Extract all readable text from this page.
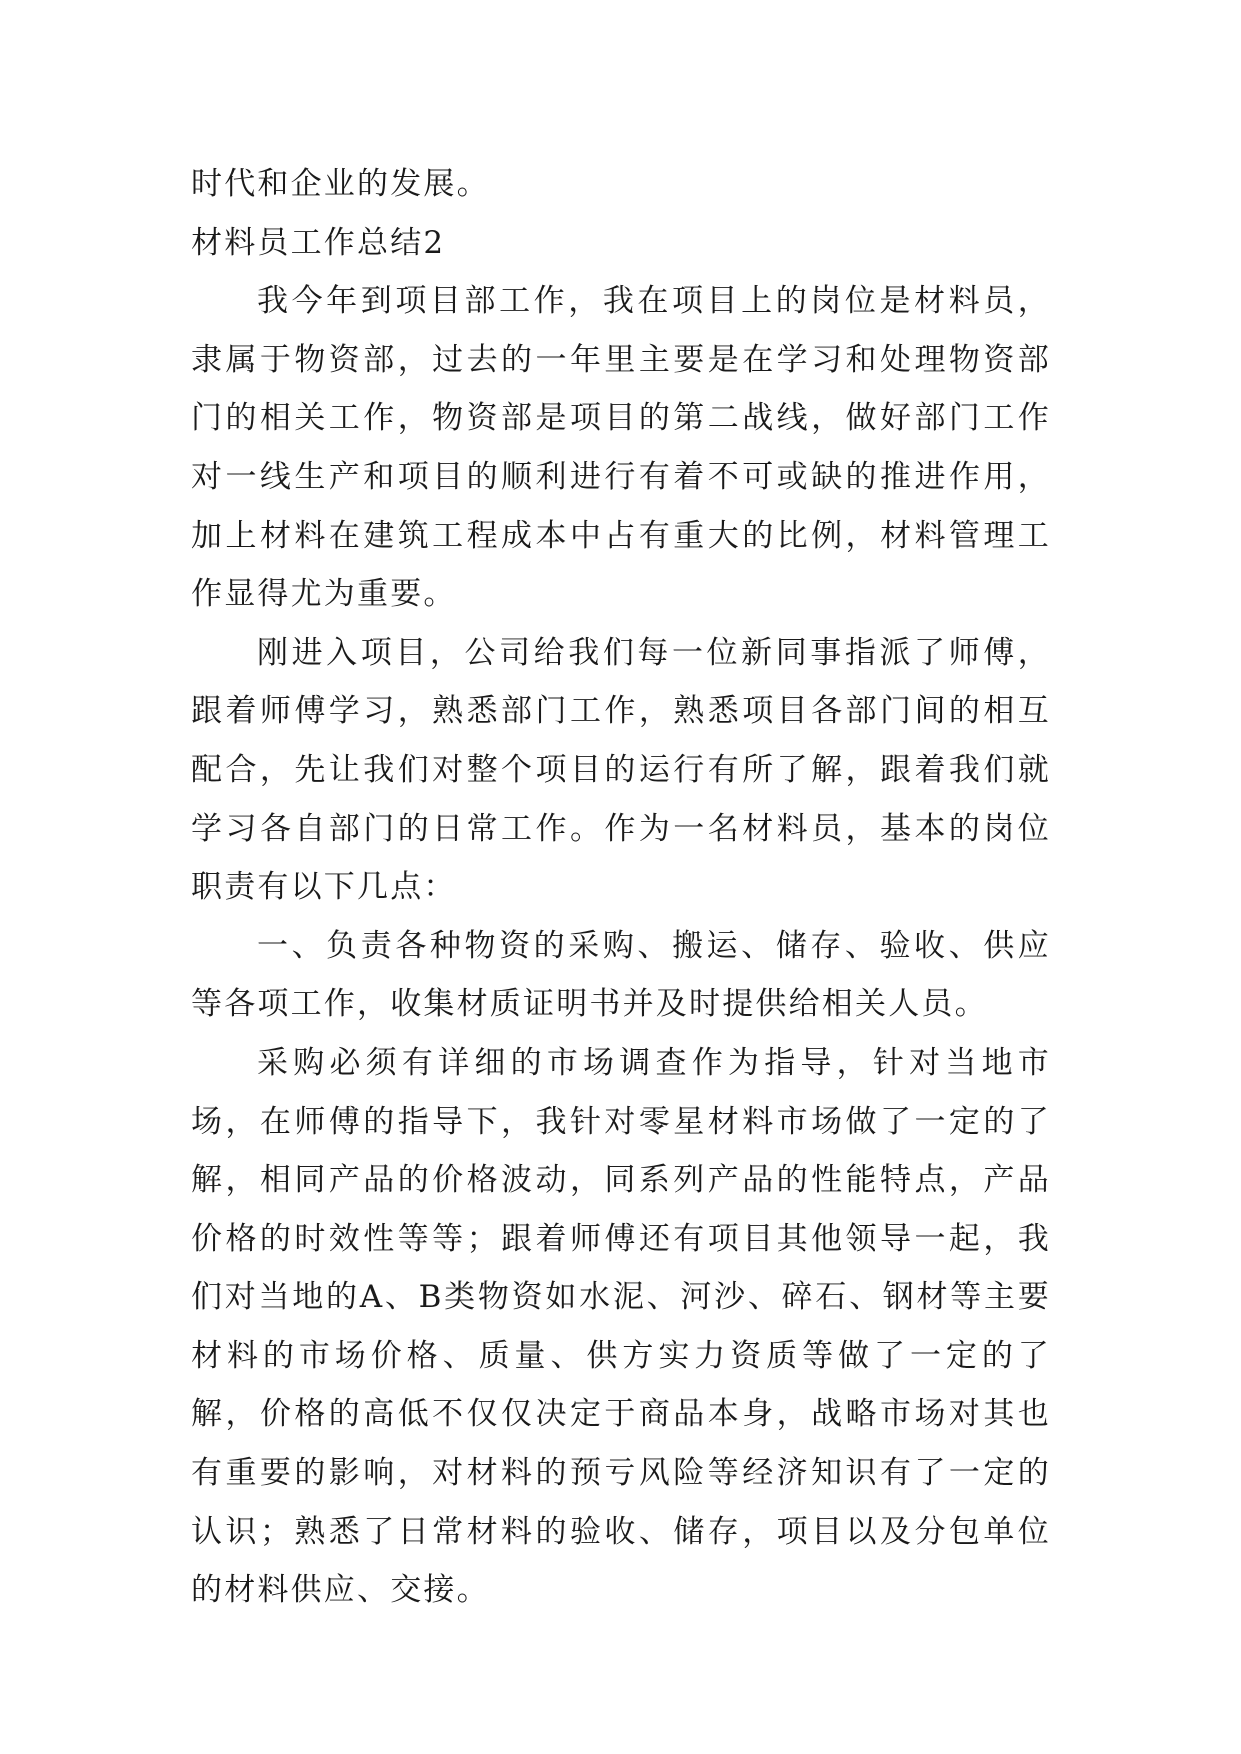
时代和企业的发展。

材料员工作总结2

我今年到项目部工作，我在项目上的岗位是材料员，隶属于物资部，过去的一年里主要是在学习和处理物资部门的相关工作，物资部是项目的第二战线，做好部门工作对一线生产和项目的顺利进行有着不可或缺的推进作用，加上材料在建筑工程成本中占有重大的比例，材料管理工作显得尤为重要。

刚进入项目，公司给我们每一位新同事指派了师傅，跟着师傅学习，熟悉部门工作，熟悉项目各部门间的相互配合，先让我们对整个项目的运行有所了解，跟着我们就学习各自部门的日常工作。作为一名材料员，基本的岗位职责有以下几点：

一、负责各种物资的采购、搬运、储存、验收、供应等各项工作，收集材质证明书并及时提供给相关人员。

采购必须有详细的市场调查作为指导，针对当地市场，在师傅的指导下，我针对零星材料市场做了一定的了解，相同产品的价格波动，同系列产品的性能特点，产品价格的时效性等等；跟着师傅还有项目其他领导一起，我们对当地的A、B类物资如水泥、河沙、碎石、钢材等主要材料的市场价格、质量、供方实力资质等做了一定的了解，价格的高低不仅仅决定于商品本身，战略市场对其也有重要的影响，对材料的预亏风险等经济知识有了一定的认识；熟悉了日常材料的验收、储存，项目以及分包单位的材料供应、交接。
